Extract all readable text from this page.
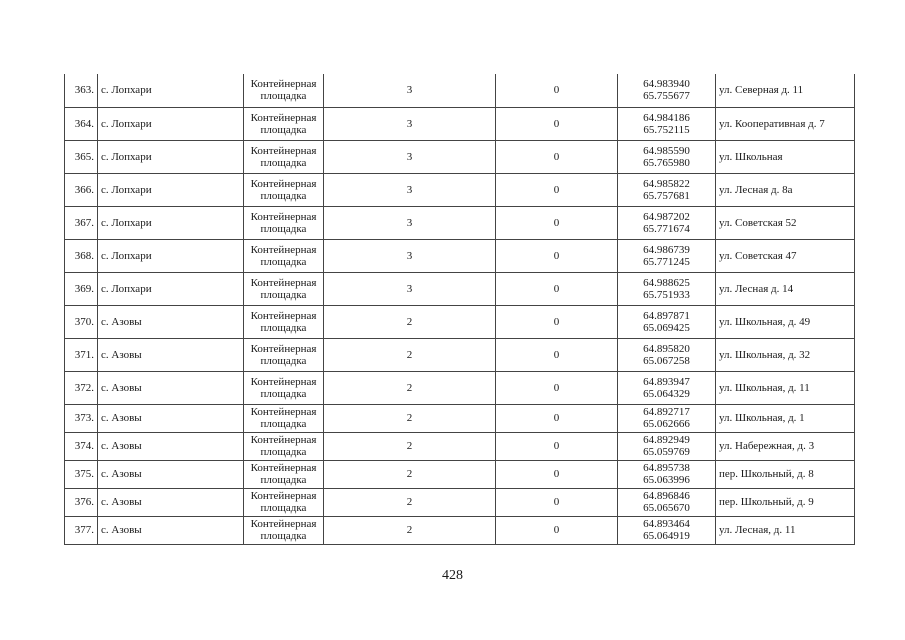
363.	с. Лопхари	Контейнерная
площадка	3	0	64.983940
65.755677	ул. Северная д. 11
364.	с. Лопхари	Контейнерная
площадка	3	0	64.984186
65.752115	ул. Кооперативная д. 7
365.	с. Лопхари	Контейнерная
площадка	3	0	64.985590
65.765980	ул. Школьная
366.	с. Лопхари	Контейнерная
площадка	3	0	64.985822
65.757681	ул. Лесная д. 8а
367.	с. Лопхари	Контейнерная
площадка	3	0	64.987202
65.771674	ул. Советская 52
368.	с. Лопхари	Контейнерная
площадка	3	0	64.986739
65.771245	ул. Советская 47
369.	с. Лопхари	Контейнерная
площадка	3	0	64.988625
65.751933	ул. Лесная д. 14
370.	с. Азовы	Контейнерная
площадка	2	0	64.897871
65.069425	ул. Школьная, д. 49
371.	с. Азовы	Контейнерная
площадка	2	0	64.895820
65.067258	ул. Школьная, д. 32
372.	с. Азовы	Контейнерная
площадка	2	0	64.893947
65.064329	ул. Школьная, д. 11
373.	с. Азовы	Контейнерная
площадка	2	0	64.892717
65.062666	ул. Школьная, д. 1
374.	с. Азовы	Контейнерная
площадка	2	0	64.892949
65.059769	ул. Набережная, д. 3
375.	с. Азовы	Контейнерная
площадка	2	0	64.895738
65.063996	пер. Школьный, д. 8
376.	с. Азовы	Контейнерная
площадка	2	0	64.896846
65.065670	пер. Школьный, д. 9
377.	с. Азовы	Контейнерная
площадка	2	0	64.893464
65.064919	ул. Лесная, д. 11
428
